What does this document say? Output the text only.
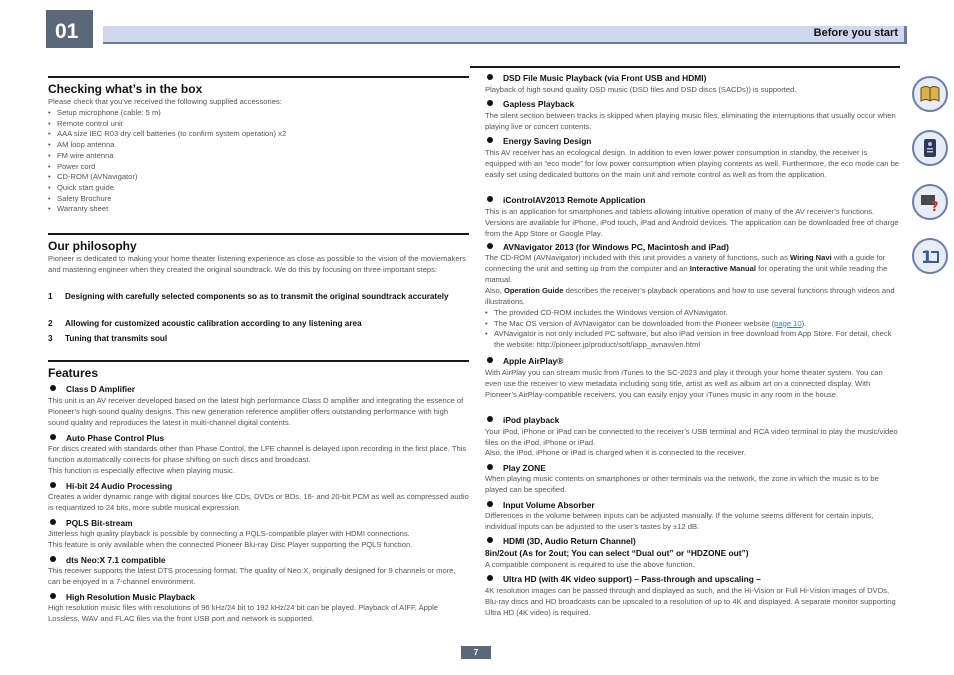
01	Before you start
Checking what’s in the box
Please check that you’ve received the following supplied accessories:
• Setup microphone (cable: 5 m)
• Remote control unit
• AAA size IEC R03 dry cell batteries (to confirm system operation) x2
• AM loop antenna
• FM wire antenna
• Power cord
• CD-ROM (AVNavigator)
• Quick start guide
• Safety Brochure
• Warranty sheet
Our philosophy
Pioneer is dedicated to making your home theater listening experience as close as possible to the vision of the moviemakers and mastering engineer when they created the original soundtrack. We do this by focusing on three important steps:
1 Designing with carefully selected components so as to transmit the original soundtrack accurately
2 Allowing for customized acoustic calibration according to any listening area
3 Tuning that transmits soul
Features
Class D Amplifier
This unit is an AV receiver developed based on the latest high performance Class D amplifier and integrating the essence of Pioneer’s high sound quality designs. This new generation reference amplifier offers outstanding performance with high sound quality and reproduces the latest in multi-channel digital contents.
Auto Phase Control Plus
For discs created with standards other than Phase Control, the LFE channel is delayed upon recording in the first place. This function automatically corrects for phase shifting on such discs and broadcast.
This function is especially effective when playing music.
Hi-bit 24 Audio Processing
Creates a wider dynamic range with digital sources like CDs, DVDs or BDs. 16- and 20-bit PCM as well as compressed audio is requantized to 24 bits, more subtle musical expression.
PQLS Bit-stream
Jitterless high quality playback is possible by connecting a PQLS-compatible player with HDMI connections.
This feature is only available when the connected Pioneer Blu-ray Disc Player supporting the PQLS function.
dts Neo:X 7.1 compatible
This receiver supports the latest DTS processing format. The quality of Neo:X, originally designed for 9 channels or more, can be enjoyed in a 7-channel environment.
High Resolution Music Playback
High resolution music files with resolutions of 96 kHz/24 bit to 192 kHz/24 bit can be played. Playback of AIFF, Apple Lossless, WAV and FLAC files via the front USB port and network is supported.
DSD File Music Playback (via Front USB and HDMI)
Playback of high sound quality DSD music (DSD files and DSD discs (SACDs)) is supported.
Gapless Playback
The silent section between tracks is skipped when playing music files, eliminating the interruptions that usually occur when playing live or concert contents.
Energy Saving Design
This AV receiver has an ecological design. In addition to even lower power consumption in standby, the receiver is equipped with an “eco mode” for low power consumption when playing contents as well. Furthermore, the eco mode can be easily set using dedicated buttons on the main unit and remote control as well as from the application.
iControlAV2013 Remote Application
This is an application for smartphones and tablets allowing intuitive operation of many of the AV receiver’s functions. Versions are available for iPhone, iPod touch, iPad and Android devices. The application can be downloaded free of charge from the App Store or Google Play.
AVNavigator 2013 (for Windows PC, Macintosh and iPad)
The CD-ROM (AVNavigator) included with this unit provides a variety of functions, such as Wiring Navi with a guide for connecting the unit and setting up from the computer and an Interactive Manual for operating the unit while reading the manual.
Also, Operation Guide describes the receiver’s playback operations and how to use several functions through videos and illustrations.
• The provided CD-ROM includes the Windows version of AVNavigator.
• The Mac OS version of AVNavigator can be downloaded from the Pioneer website (page 10).
• AVNavigator is not only included PC software, but also iPad version in free download from App Store. For detail, check the website: http://pioneer.jp/product/soft/iapp_avnavi/en.html
Apple AirPlay®
With AirPlay you can stream music from iTunes to the SC-2023 and play it through your home theater system. You can even use the receiver to view metadata including song title, artist as well as album art on a connected display. With Pioneer’s AirPlay-compatible receivers, you can easily enjoy your iTunes music in any room in the house.
iPod playback
Your iPod, iPhone or iPad can be connected to the receiver’s USB terminal and RCA video terminal to play the music/video files on the iPod, iPhone or iPad.
Also, the iPod, iPhone or iPad is charged when it is connected to the receiver.
Play ZONE
When playing music contents on smartphones or other terminals via the network, the zone in which the music is to be played can be specified.
Input Volume Absorber
Differences in the volume between inputs can be adjusted manually. If the volume seems different for certain inputs, individual inputs can be adjusted to the user’s tastes by ±12 dB.
HDMI (3D, Audio Return Channel)
8in/2out (As for 2out; You can select “Dual out” or “HDZONE out”)
A compatible component is required to use the above function.
Ultra HD (with 4K video support) – Pass-through and upscaling –
4K resolution images can be passed through and displayed as such, and the Hi-Vision or Full Hi-Vision images of DVDs, Blu-ray discs and HD broadcasts can be upscaled to a resolution of up to 4K and displayed. A separate monitor supporting Ultra HD (4K video) is required.
7
?
1
